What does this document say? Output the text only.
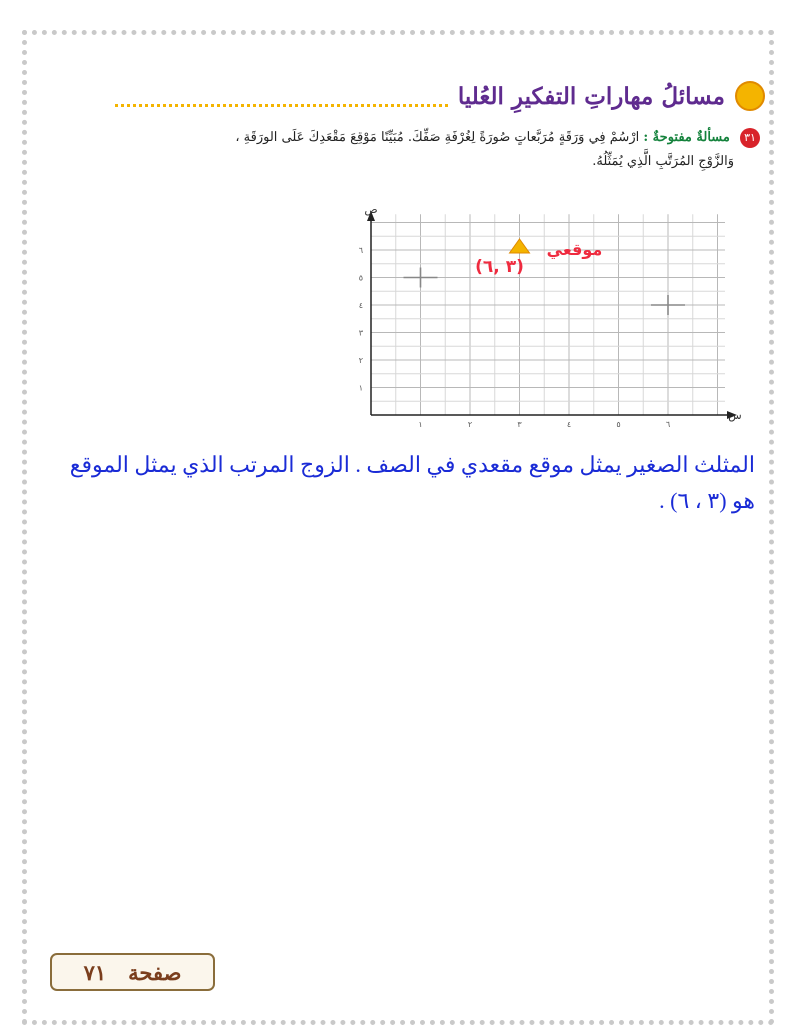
مسائلُ مهاراتِ التفكيرِ العُليا
٣١ مسألةٌ مفتوحةٌ : ارْسُمْ فِي وَرَقَةٍ مُرَبَّعاتٍ صُورَةً لِغُرْفَةِ صَفِّكَ. مُبَيِّنًا مَوْقِعَ مَقْعَدِكَ عَلَى الورَقَةِ ،
وَالزَّوْجِ المُرَتَّبِ الَّذِي يُمَثِّلُهُ.
١	٢	٣	٤	٥	٦
١
٢
٣
٤
٥
٦
ص
س
(٣ ,٦)
موقعي
المثلث الصغير يمثل موقع مقعدي في الصف . الزوج المرتب الذي يمثل الموقع هو (٣ ، ٦) .
صفحة
٧١
